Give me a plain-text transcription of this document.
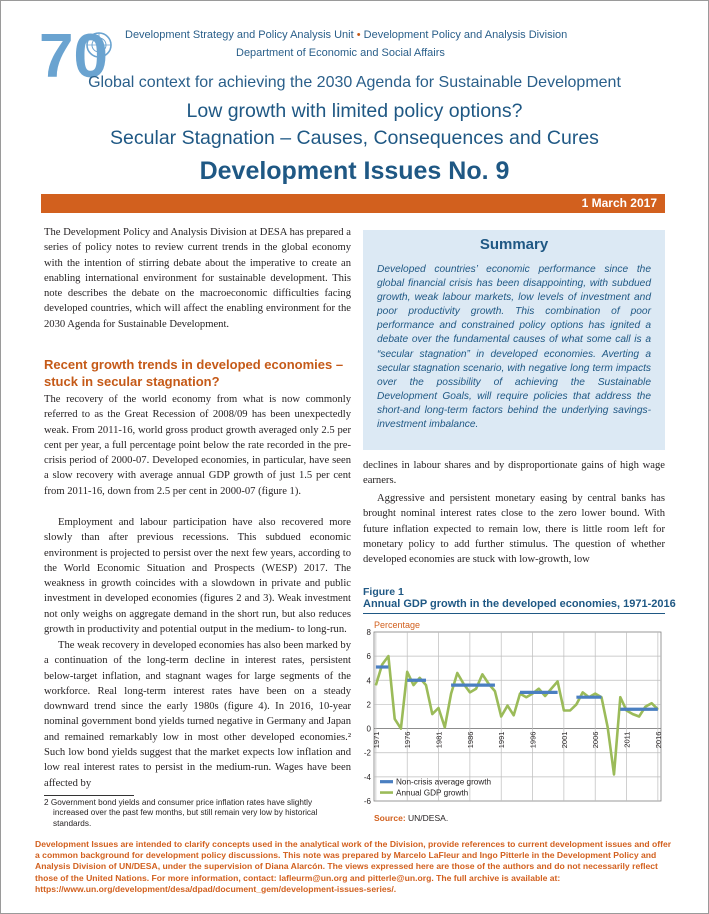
70 Development Strategy and Policy Analysis Unit • Development Policy and Analysis Division
Department of Economic and Social Affairs
Global context for achieving the 2030 Agenda for Sustainable Development
Low growth with limited policy options?
Secular Stagnation – Causes, Consequences and Cures
Development Issues No. 9
1 March 2017
The Development Policy and Analysis Division at DESA has prepared a series of policy notes to review current trends in the global economy with the intention of stirring debate about the imperative to create an enabling international environment for sustainable development. This note describes the debate on the macroeconomic difficulties facing developed countries, which will affect the enabling environment for the 2030 Agenda for Sustainable Development.
Recent growth trends in developed economies – stuck in secular stagnation?
The recovery of the world economy from what is now commonly referred to as the Great Recession of 2008/09 has been unexpectedly weak. From 2011-16, world gross product growth averaged only 2.5 per cent per year, a full percentage point below the rate recorded in the pre-crisis period of 2000-07. Developed economies, in particular, have seen a slow recovery with average annual GDP growth of just 1.5 per cent from 2011-16, down from 2.5 per cent in 2000-07 (figure 1).
Employment and labour participation have also recovered more slowly than after previous recessions. This subdued economic environment is projected to persist over the next few years, according to the World Economic Situation and Prospects (WESP) 2017. The weakness in growth coincides with a slowdown in private and public investment in developed economies (figures 2 and 3). Weak investment not only weighs on aggregate demand in the short run, but also reduces growth in productivity and potential output in the medium- to long-run.
The weak recovery in developed economies has also been marked by a continuation of the long-term decline in interest rates, persistent below-target inflation, and stagnant wages for large segments of the workforce. Real long-term interest rates have been on a steady downward trend since the early 1980s (figure 4). In 2016, 10-year nominal government bond yields turned negative in Germany and Japan and remained remarkably low in most other developed economies.² Such low bond yields suggest that the market expects low inflation and low real interest rates to persist in the medium-run. Wages have been affected by
2 Government bond yields and consumer price inflation rates have slightly
increased over the past few months, but still remain very low by historical standards.
Summary

Developed countries’ economic performance since the global financial crisis has been disappointing, with subdued growth, weak labour markets, low levels of investment and poor productivity growth. This combination of poor performance and constrained policy options has ignited a debate over the fundamental causes of what some call is a “secular stagnation” in developed economies. Averting a secular stagnation scenario, with negative long term impacts over the possibility of achieving the Sustainable Development Goals, will require policies that address the short-and long-term factors behind the underlying savings-investment imbalance.

declines in labour shares and by disproportionate gains of high wage earners.
Aggressive and persistent monetary easing by central banks has brought nominal interest rates close to the zero lower bound. With future inflation expected to remain low, there is little room left for monetary policy to add further stimulus. The question of whether developed economies are stuck with low-growth, low
Figure 1
Annual GDP growth in the developed economies, 1971-2016
Percentage
-6
-4
-2
0
2
4
6
8
1971	1976	1981	1986	1991	1996	2001	2006	2011	2016
Non-crisis average growth
Annual GDP growth
Source: UN/DESA.
Development Issues are intended to clarify concepts used in the analytical work of the Division, provide references to current development issues and offer a common background for development policy discussions. This note was prepared by Marcelo LaFleur and Ingo Pitterle in the Development Policy and Analysis Division of UN/DESA, under the supervision of Diana Alarcón. The views expressed here are those of the authors and do not necessarily reflect those of the United Nations. For more information, contact: lafleurm@un.org and pitterle@un.org. The full archive is available at: https://www.un.org/development/desa/dpad/document_gem/development-issues-series/.
